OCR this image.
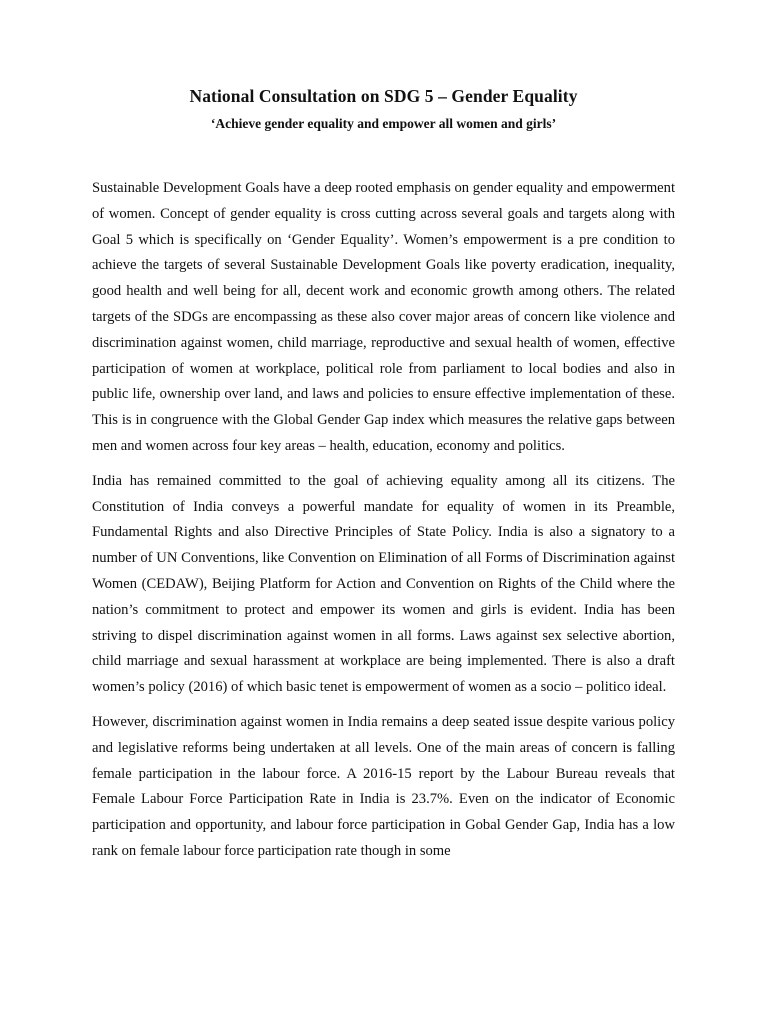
National Consultation on SDG 5 – Gender Equality

‘Achieve gender equality and empower all women and girls’

Sustainable Development Goals have a deep rooted emphasis on gender equality and empowerment of women. Concept of gender equality is cross cutting across several goals and targets along with Goal 5 which is specifically on ‘Gender Equality’. Women’s empowerment is a pre condition to achieve the targets of several Sustainable Development Goals like poverty eradication, inequality, good health and well being for all, decent work and economic growth among others. The related targets of the SDGs are encompassing as these also cover major areas of concern like violence and discrimination against women, child marriage, reproductive and sexual health of women, effective participation of women at workplace, political role from parliament to local bodies and also in public life, ownership over land, and laws and policies to ensure effective implementation of these. This is in congruence with the Global Gender Gap index which measures the relative gaps between men and women across four key areas – health, education, economy and politics.

India has remained committed to the goal of achieving equality among all its citizens. The Constitution of India conveys a powerful mandate for equality of women in its Preamble, Fundamental Rights and also Directive Principles of State Policy. India is also a signatory to a number of UN Conventions, like Convention on Elimination of all Forms of Discrimination against Women (CEDAW), Beijing Platform for Action and Convention on Rights of the Child where the nation’s commitment to protect and empower its women and girls is evident. India has been striving to dispel discrimination against women in all forms. Laws against sex selective abortion, child marriage and sexual harassment at workplace are being implemented. There is also a draft women’s policy (2016) of which basic tenet is empowerment of women as a socio – politico ideal.

However, discrimination against women in India remains a deep seated issue despite various policy and legislative reforms being undertaken at all levels. One of the main areas of concern is falling female participation in the labour force. A 2016-15 report by the Labour Bureau reveals that Female Labour Force Participation Rate in India is 23.7%. Even on the indicator of Economic participation and opportunity, and labour force participation in Gobal Gender Gap, India has a low rank on female labour force participation rate though in some
